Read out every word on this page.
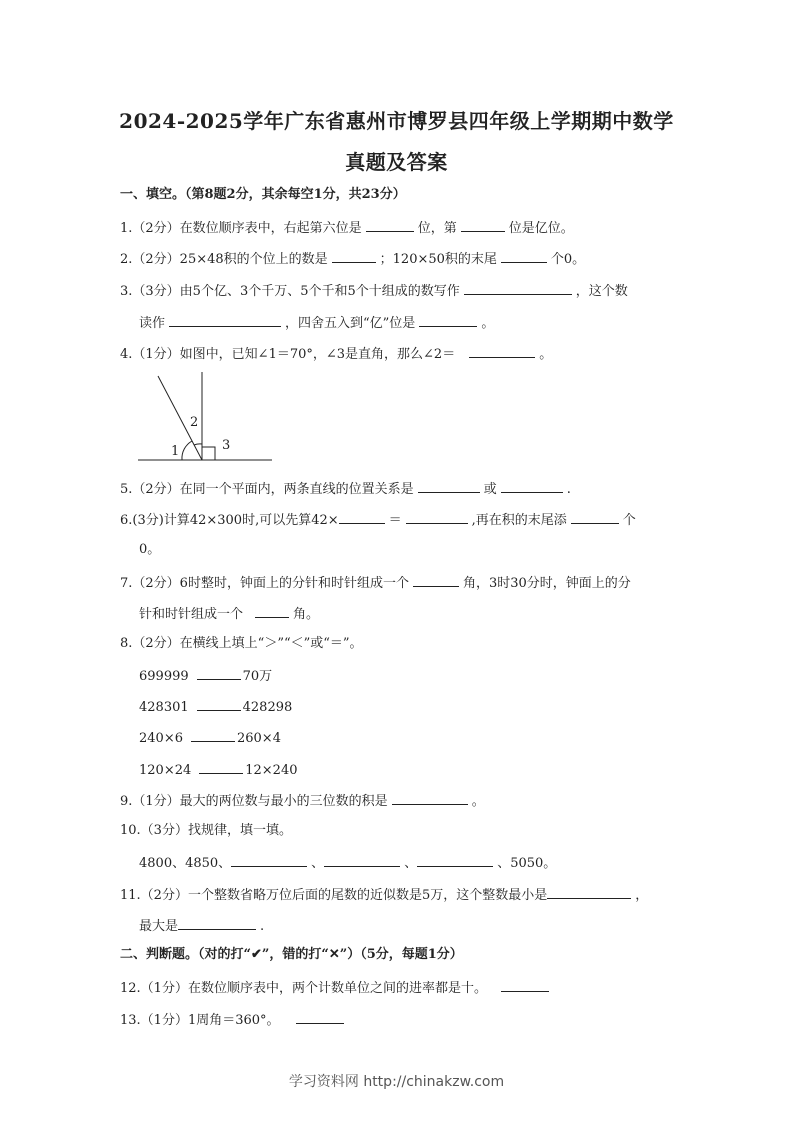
2024-2025学年广东省惠州市博罗县四年级上学期期中数学
真题及答案
一、填空。（第8题2分，其余每空1分，共23分）
1.（2分）在数位顺序表中，右起第六位是	位，第	位是亿位。
2.（2分）25×48积的个位上的数是	；120×50积的末尾	个0。
3.（3分）由5个亿、3个千万、5个千和5个十组成的数写作	，这个数
读作	，四舍五入到“亿”位是	。
4.（1分）如图中，已知∠1＝70°，∠3是直角，那么∠2＝	。
1
2
3
5.（2分）在同一个平面内，两条直线的位置关系是	或	.
6.(3分)计算42×300时,可以先算42×	＝	,再在积的末尾添	个
0。
7.（2分）6时整时，钟面上的分针和时针组成一个	角，3时30分时，钟面上的分
针和时针组成一个	角。
8.（2分）在横线上填上“＞”“＜”或“＝”。
699999	70万
428301	428298
240×6	260×4
120×24	12×240
9.（1分）最大的两位数与最小的三位数的积是	。
10.（3分）找规律，填一填。
4800、4850、	、	、	、5050。
11.（2分）一个整数省略万位后面的尾数的近似数是5万，这个整数最小是	，
最大是	.
二、判断题。（对的打“✔”，错的打“✕”）（5分，每题1分）
12.（1分）在数位顺序表中，两个计数单位之间的进率都是十。
13.（1分）1周角＝360°。
学习资料网 http://chinakzw.com
